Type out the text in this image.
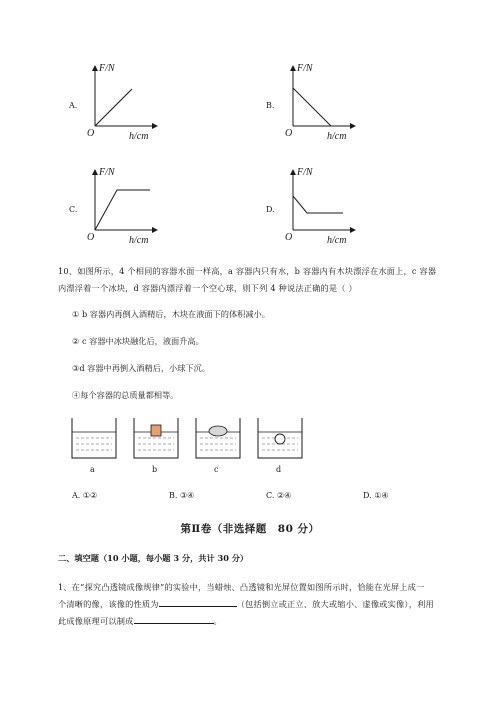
A.
F/N
h/cm
O
B.
F/N
h/cm
O
C.
F/N
h/cm
O
D.
F/N
h/cm
O
10、如图所示，4 个相同的容器水面一样高，a 容器内只有水，b 容器内有木块漂浮在水面上，c 容器
内漂浮着一个冰块，d 容器内漂浮着一个空心球，则下列 4 种说法正确的是（ ）
① b 容器内再倒入酒精后，木块在液面下的体积减小。
② c 容器中冰块融化后，液面升高。
③d 容器中再倒入酒精后，小球下沉。
④每个容器的总质量都相等。
a	b	c	d
A. ①②	B. ③④	C. ②④	D. ①④
第Ⅱ卷（非选择题　80 分）
二、填空题（10 小题，每小题 3 分，共计 30 分）
1、在“探究凸透镜成像规律”的实验中，当蜡烛、凸透镜和光屏位置如图所示时，恰能在光屏上成一
个清晰的像，该像的性质为	（包括倒立或正立、放大或缩小、虚像或实像），利用
此成像原理可以制成	。
